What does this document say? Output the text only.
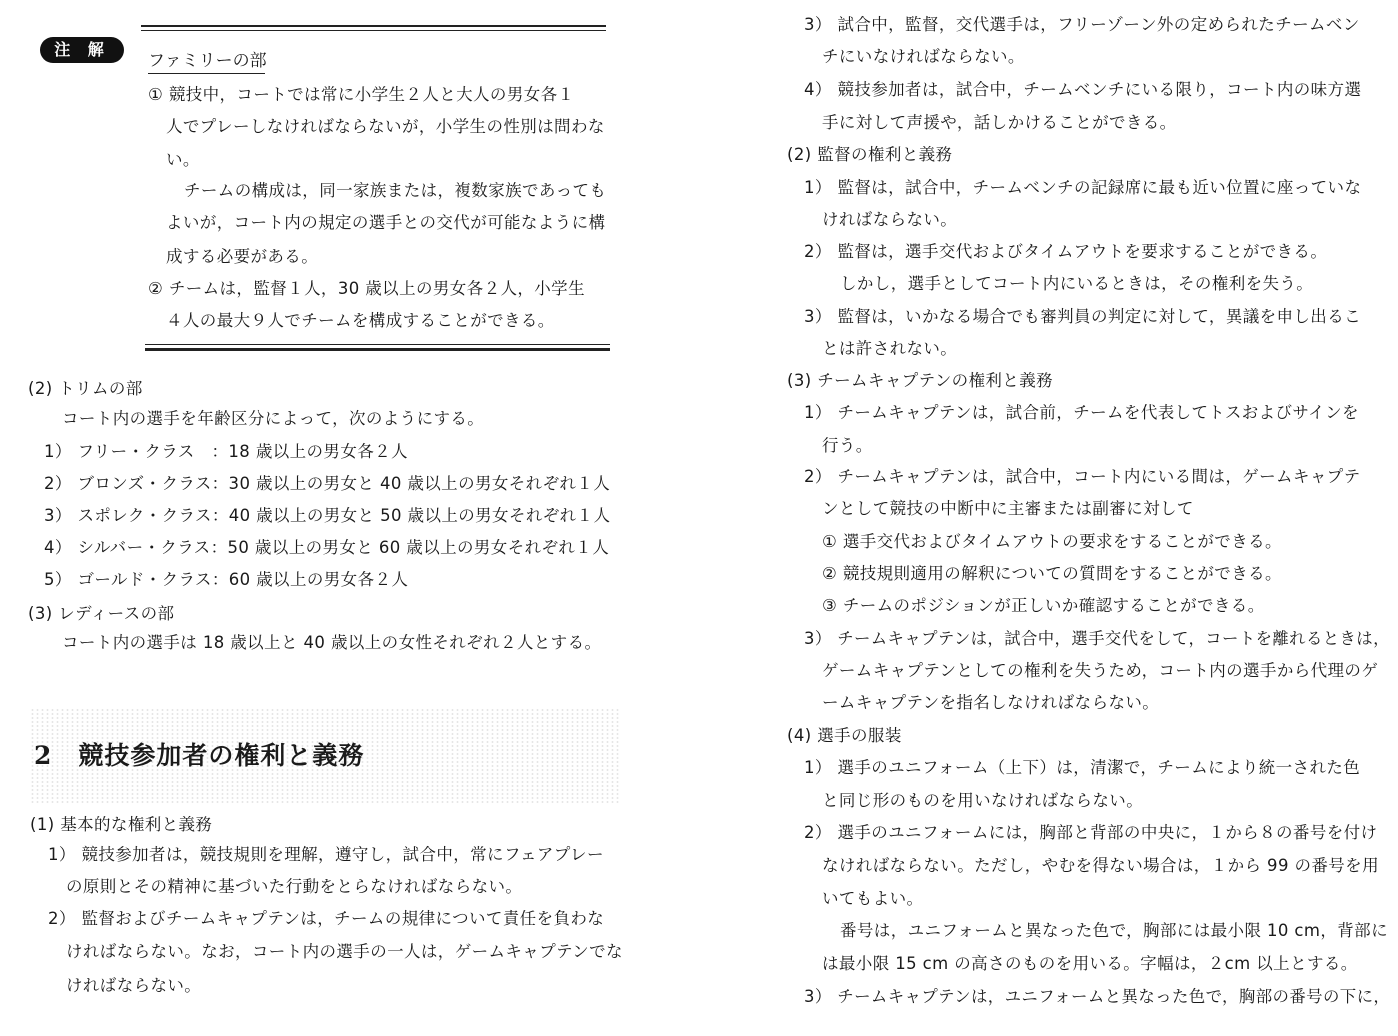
注 解
ファミリーの部
① 競技中，コートでは常に小学生２人と大人の男女各１
人でプレーしなければならないが，小学生の性別は問わな
い。
チームの構成は，同一家族または，複数家族であっても
よいが，コート内の規定の選手との交代が可能なように構
成する必要がある。
② チームは，監督１人，30 歳以上の男女各２人，小学生
４人の最大９人でチームを構成することができる。
(2) トリムの部
コート内の選手を年齢区分によって，次のようにする。
1） フリー・クラス　：18 歳以上の男女各２人
2） ブロンズ・クラス：30 歳以上の男女と 40 歳以上の男女それぞれ１人
3） スポレク・クラス：40 歳以上の男女と 50 歳以上の男女それぞれ１人
4） シルバー・クラス：50 歳以上の男女と 60 歳以上の男女それぞれ１人
5） ゴールド・クラス：60 歳以上の男女各２人
(3) レディースの部
コート内の選手は 18 歳以上と 40 歳以上の女性それぞれ２人とする。
2　競技参加者の権利と義務
(1) 基本的な権利と義務
1） 競技参加者は，競技規則を理解，遵守し，試合中，常にフェアプレー
の原則とその精神に基づいた行動をとらなければならない。
2） 監督およびチームキャプテンは，チームの規律について責任を負わな
ければならない。なお，コート内の選手の一人は，ゲームキャプテンでな
ければならない。
3） 試合中，監督，交代選手は，フリーゾーン外の定められたチームベン
チにいなければならない。
4） 競技参加者は，試合中，チームベンチにいる限り，コート内の味方選
手に対して声援や，話しかけることができる。
(2) 監督の権利と義務
1） 監督は，試合中，チームベンチの記録席に最も近い位置に座っていな
ければならない。
2） 監督は，選手交代およびタイムアウトを要求することができる。
しかし，選手としてコート内にいるときは，その権利を失う。
3） 監督は，いかなる場合でも審判員の判定に対して，異議を申し出るこ
とは許されない。
(3) チームキャプテンの権利と義務
1） チームキャプテンは，試合前，チームを代表してトスおよびサインを
行う。
2） チームキャプテンは，試合中，コート内にいる間は，ゲームキャプテ
ンとして競技の中断中に主審または副審に対して
① 選手交代およびタイムアウトの要求をすることができる。
② 競技規則適用の解釈についての質問をすることができる。
③ チームのポジションが正しいか確認することができる。
3） チームキャプテンは，試合中，選手交代をして，コートを離れるときは，
ゲームキャプテンとしての権利を失うため，コート内の選手から代理のゲ
ームキャプテンを指名しなければならない。
(4) 選手の服装
1） 選手のユニフォーム（上下）は，清潔で，チームにより統一された色
と同じ形のものを用いなければならない。
2） 選手のユニフォームには，胸部と背部の中央に，１から８の番号を付け
なければならない。ただし，やむを得ない場合は，１から 99 の番号を用
いてもよい。
番号は，ユニフォームと異なった色で，胸部には最小限 10 cm，背部に
は最小限 15 cm の高さのものを用いる。字幅は，２cm 以上とする。
3） チームキャプテンは，ユニフォームと異なった色で，胸部の番号の下に，
